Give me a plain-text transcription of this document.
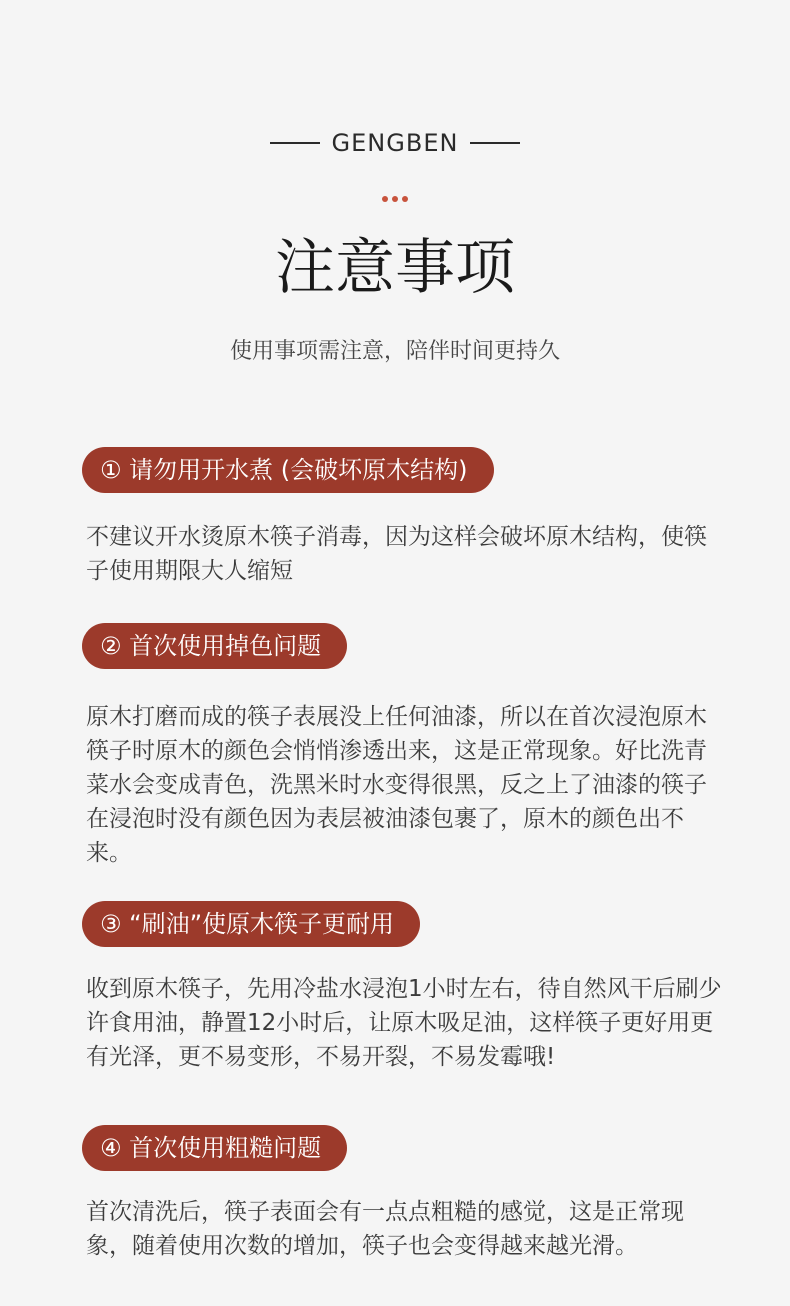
GENGBEN
注意事项
使用事项需注意，陪伴时间更持久
① 请勿用开水煮 (会破坏原木结构)
不建议开水烫原木筷子消毒，因为这样会破坏原木结构，使筷子使用期限大人缩短
② 首次使用掉色问题
原木打磨而成的筷子表展没上任何油漆，所以在首次浸泡原木筷子时原木的颜色会悄悄渗透出来，这是正常现象。好比洗青菜水会变成青色，洗黑米时水变得很黑，反之上了油漆的筷子在浸泡时没有颜色因为表层被油漆包裹了，原木的颜色出不来。
③ “刷油”使原木筷子更耐用
收到原木筷子，先用冷盐水浸泡1小时左右，待自然风干后刷少许食用油，静置12小时后，让原木吸足油，这样筷子更好用更有光泽，更不易变形，不易开裂，不易发霉哦!
④ 首次使用粗糙问题
首次清洗后，筷子表面会有一点点粗糙的感觉，这是正常现象，随着使用次数的增加，筷子也会变得越来越光滑。
